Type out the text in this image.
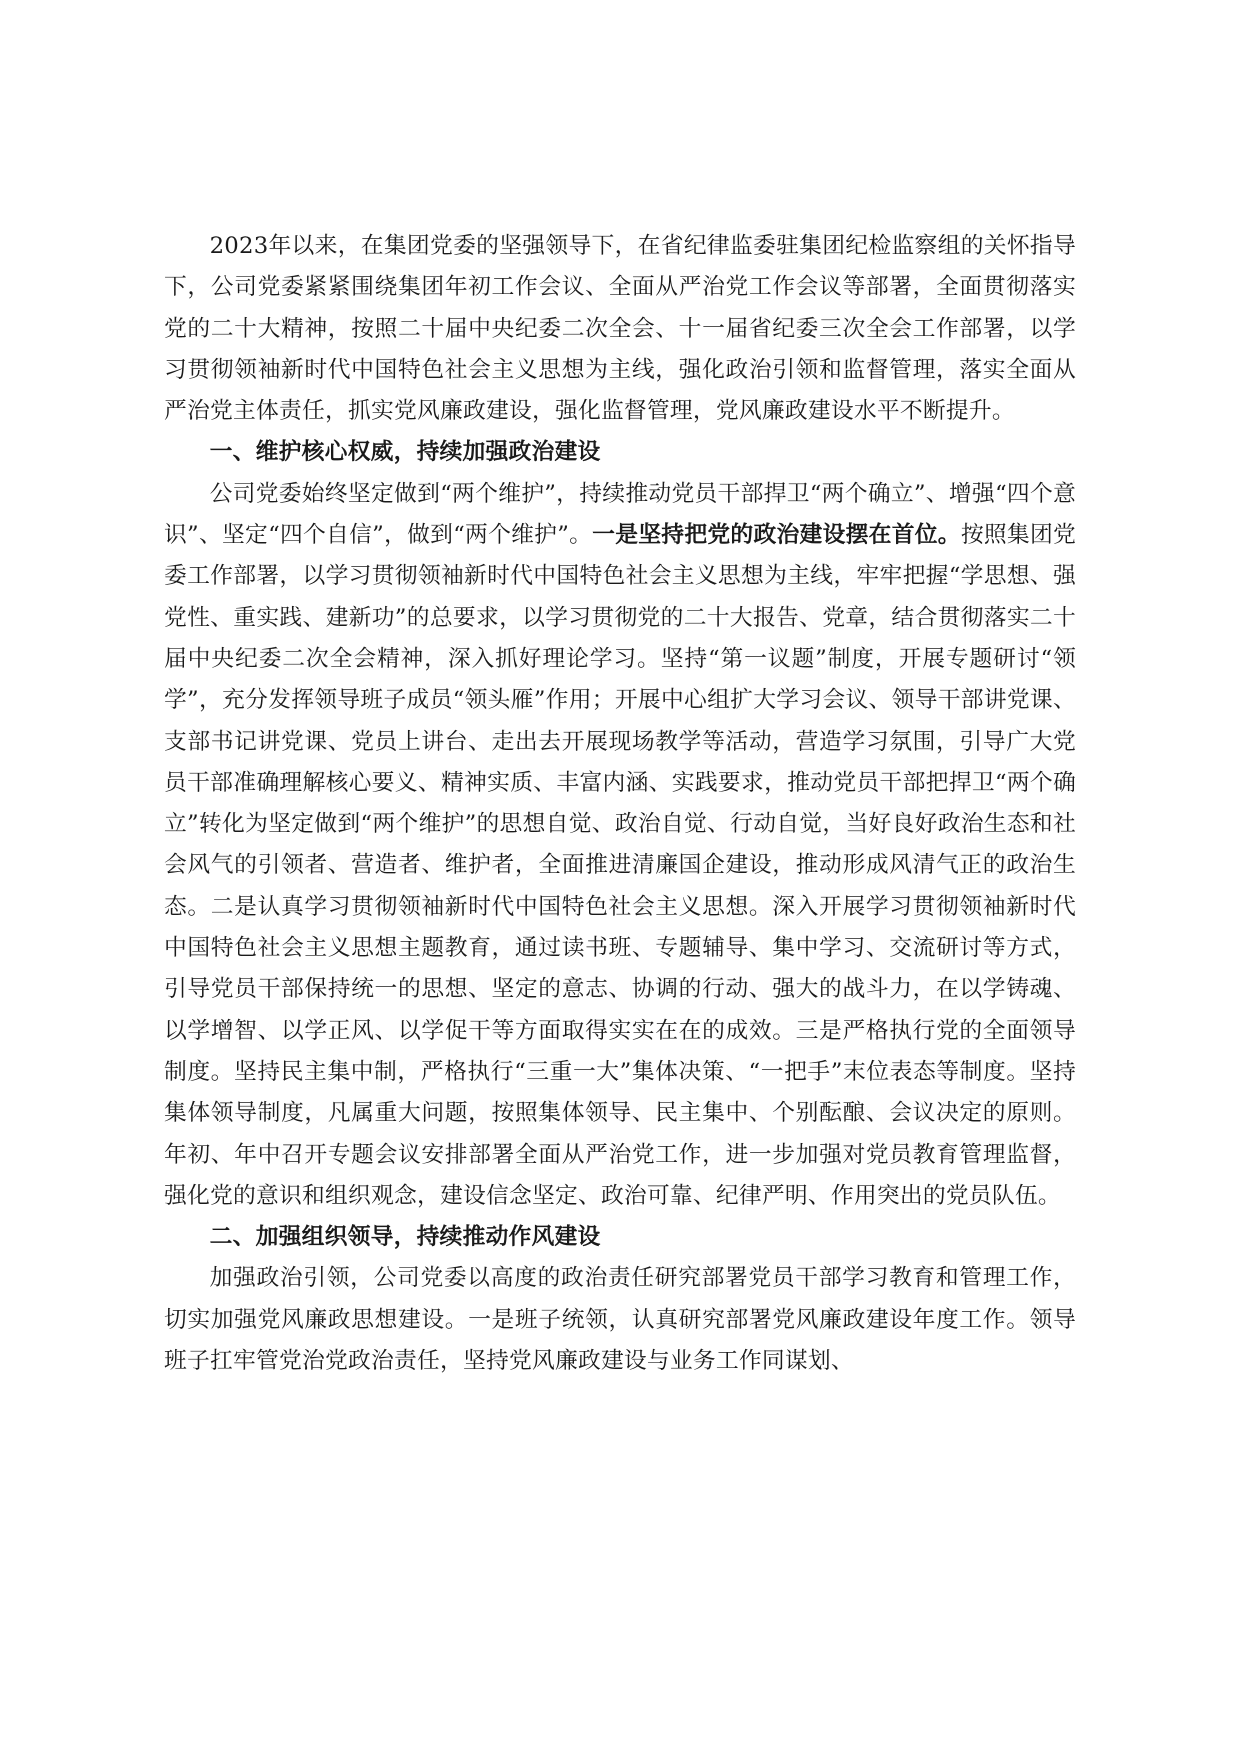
2023年以来，在集团党委的坚强领导下，在省纪律监委驻集团纪检监察组的关怀指导下，公司党委紧紧围绕集团年初工作会议、全面从严治党工作会议等部署，全面贯彻落实党的二十大精神，按照二十届中央纪委二次全会、十一届省纪委三次全会工作部署，以学习贯彻领袖新时代中国特色社会主义思想为主线，强化政治引领和监督管理，落实全面从严治党主体责任，抓实党风廉政建设，强化监督管理，党风廉政建设水平不断提升。

一、维护核心权威，持续加强政治建设

公司党委始终坚定做到“两个维护”，持续推动党员干部捍卫“两个确立”、增强“四个意识”、坚定“四个自信”，做到“两个维护”。一是坚持把党的政治建设摆在首位。按照集团党委工作部署，以学习贯彻领袖新时代中国特色社会主义思想为主线，牢牢把握“学思想、强党性、重实践、建新功”的总要求，以学习贯彻党的二十大报告、党章，结合贯彻落实二十届中央纪委二次全会精神，深入抓好理论学习。坚持“第一议题”制度，开展专题研讨“领学”，充分发挥领导班子成员“领头雁”作用；开展中心组扩大学习会议、领导干部讲党课、支部书记讲党课、党员上讲台、走出去开展现场教学等活动，营造学习氛围，引导广大党员干部准确理解核心要义、精神实质、丰富内涵、实践要求，推动党员干部把捍卫“两个确立”转化为坚定做到“两个维护”的思想自觉、政治自觉、行动自觉，当好良好政治生态和社会风气的引领者、营造者、维护者，全面推进清廉国企建设，推动形成风清气正的政治生态。二是认真学习贯彻领袖新时代中国特色社会主义思想。深入开展学习贯彻领袖新时代中国特色社会主义思想主题教育，通过读书班、专题辅导、集中学习、交流研讨等方式，引导党员干部保持统一的思想、坚定的意志、协调的行动、强大的战斗力，在以学铸魂、以学增智、以学正风、以学促干等方面取得实实在在的成效。三是严格执行党的全面领导制度。坚持民主集中制，严格执行“三重一大”集体决策、“一把手”末位表态等制度。坚持集体领导制度，凡属重大问题，按照集体领导、民主集中、个别酝酿、会议决定的原则。年初、年中召开专题会议安排部署全面从严治党工作，进一步加强对党员教育管理监督，强化党的意识和组织观念，建设信念坚定、政治可靠、纪律严明、作用突出的党员队伍。

二、加强组织领导，持续推动作风建设

加强政治引领，公司党委以高度的政治责任研究部署党员干部学习教育和管理工作，切实加强党风廉政思想建设。一是班子统领，认真研究部署党风廉政建设年度工作。领导班子扛牢管党治党政治责任，坚持党风廉政建设与业务工作同谋划、
